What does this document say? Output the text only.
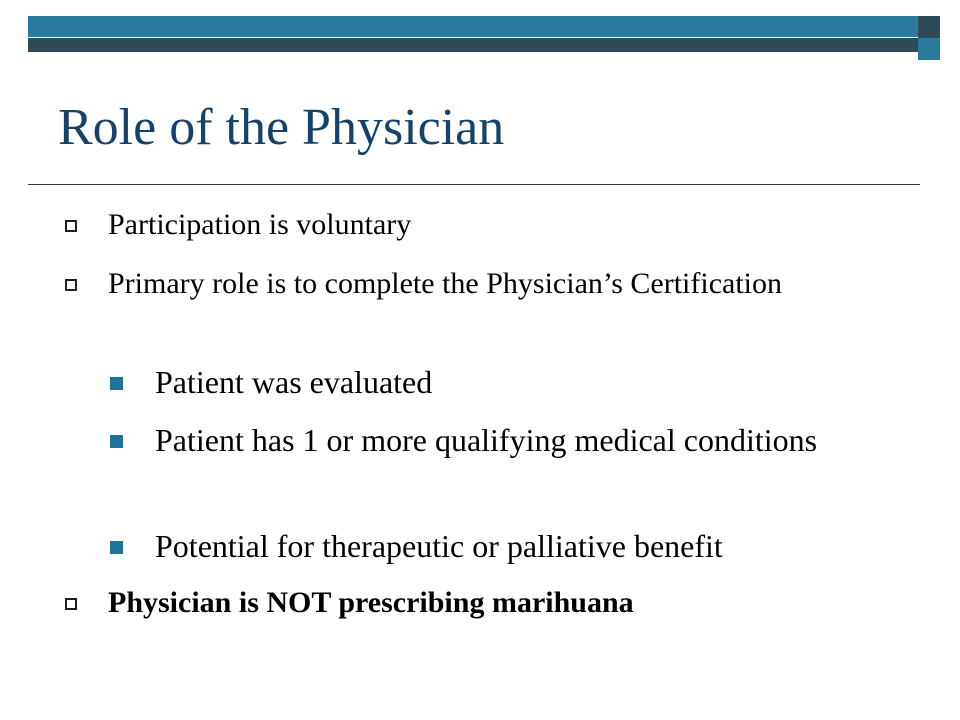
Role of the Physician
Participation is voluntary
Primary role is to complete the Physician’s Certification
Patient was evaluated
Patient has 1 or more qualifying medical conditions
Potential for therapeutic or palliative benefit
Physician is NOT prescribing marihuana
